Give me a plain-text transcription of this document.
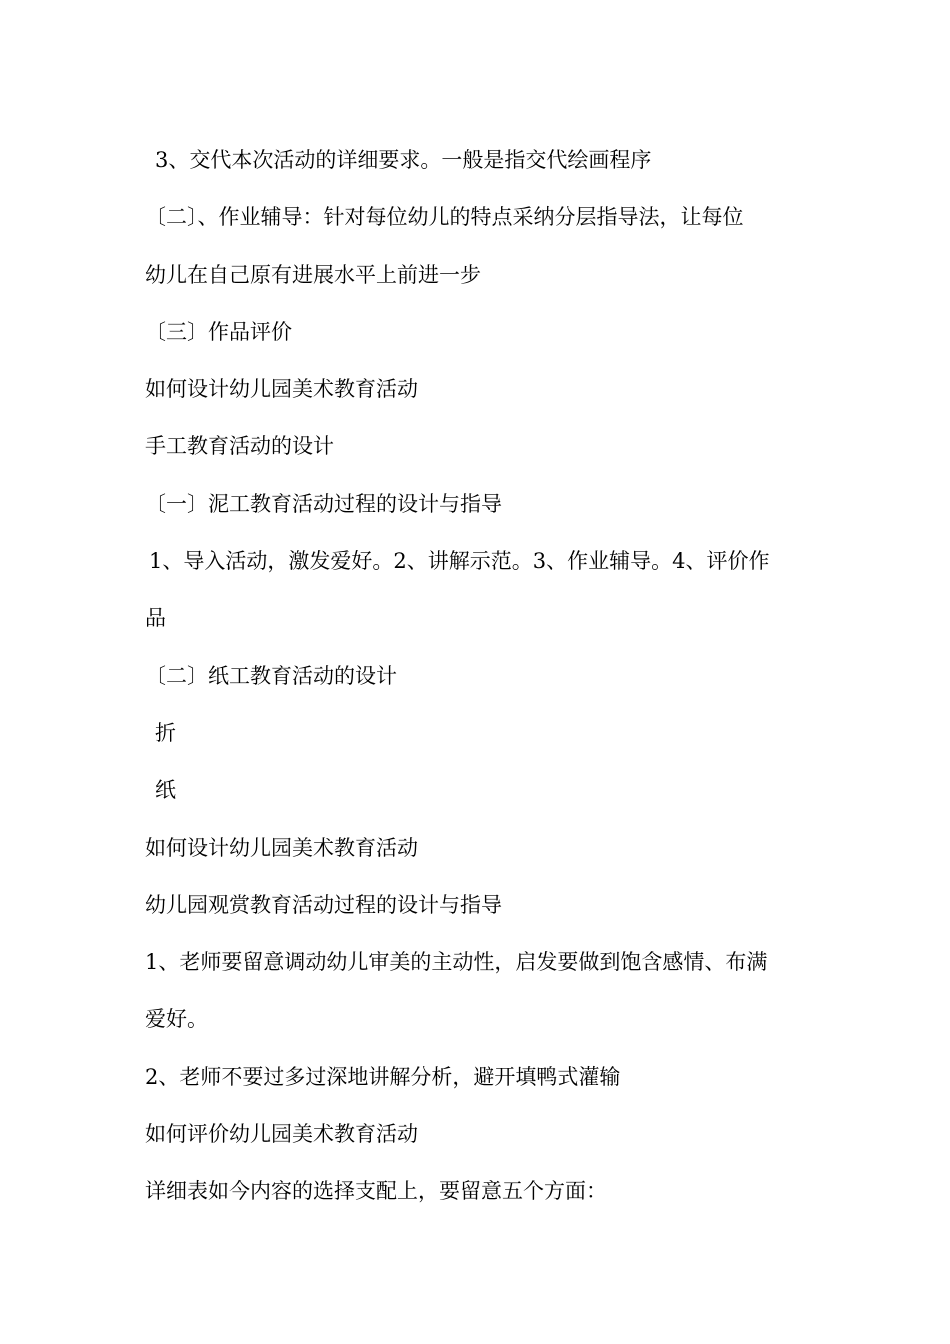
3、交代本次活动的详细要求。一般是指交代绘画程序
〔二〕、作业辅导：针对每位幼儿的特点采纳分层指导法，让每位
幼儿在自己原有进展水平上前进一步
〔三〕作品评价
如何设计幼儿园美术教育活动
手工教育活动的设计
〔一〕泥工教育活动过程的设计与指导
1、导入活动，激发爱好。2、讲解示范。3、作业辅导。4、评价作
品
〔二〕纸工教育活动的设计
折
纸
如何设计幼儿园美术教育活动
幼儿园观赏教育活动过程的设计与指导
1、老师要留意调动幼儿审美的主动性，启发要做到饱含感情、布满
爱好。
2、老师不要过多过深地讲解分析，避开填鸭式灌输
如何评价幼儿园美术教育活动
详细表如今内容的选择支配上，要留意五个方面：
